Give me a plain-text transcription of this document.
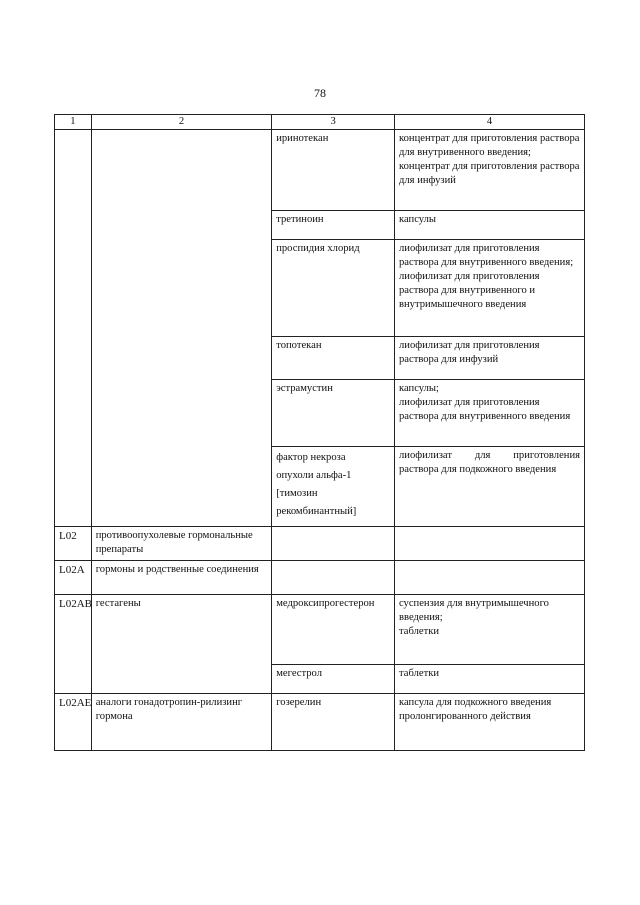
78
1	2	3	4
		иринотекан	концентрат для приготовления раствора для внутривенного введения;
концентрат для приготовления раствора для инфузий

		третиноин	капсулы

		проспидия хлорид	лиофилизат для приготовления раствора для внутривенного введения;
лиофилизат для приготовления раствора для внутривенного и внутримышечного введения

		топотекан	лиофилизат для приготовления раствора для инфузий

		эстрамустин	капсулы;
лиофилизат для приготовления раствора для внутривенного введения

		фактор некроза
опухоли альфа-1
[тимозин
рекомбинантный]	лиофилизат для приготовления раствора для подкожного введения

L02	противоопухолевые гормональные препараты		
L02A	гормоны и родственные соединения		
L02AB	гестагены	медроксипрогестерон	суспензия для внутримышечного введения;
таблетки

		мегестрол	таблетки

L02AE	аналоги гонадотропин-рилизинг гормона	гозерелин	капсула для подкожного введения пролонгированного действия
